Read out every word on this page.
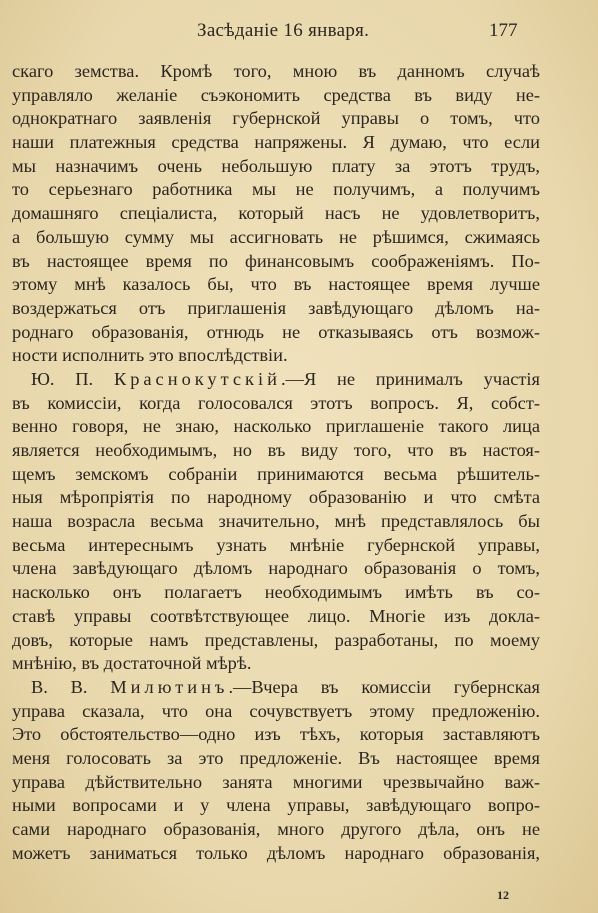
Засѣданіе 16 января.	177
скаго земства. Кромѣ того, мною въ данномъ случаѣ
управляло желаніе съэкономить средства въ виду не-
однократнаго заявленія губернской управы о томъ, что
наши платежныя средства напряжены. Я думаю, что если
мы назначимъ очень небольшую плату за этотъ трудъ,
то серьезнаго работника мы не получимъ, а получимъ
домашняго спеціалиста, который насъ не удовлетворитъ,
а большую сумму мы ассигновать не рѣшимся, сжимаясь
въ настоящее время по финансовымъ соображеніямъ. По-
этому мнѣ казалось бы, что въ настоящее время лучше
воздержаться отъ приглашенія завѣдующаго дѣломъ на-
роднаго образованія, отнюдь не отказываясь отъ возмож-
ности исполнить это впослѣдствіи.
Ю. П. Краснокутскій.—Я не принималъ участія
въ комиссіи, когда голосовался этотъ вопросъ. Я, собст-
венно говоря, не знаю, насколько приглашеніе такого лица
является необходимымъ, но въ виду того, что въ настоя-
щемъ земскомъ собраніи принимаются весьма рѣшитель-
ныя мѣропріятія по народному образованію и что смѣта
наша возрасла весьма значительно, мнѣ представлялось бы
весьма интереснымъ узнать мнѣніе губернской управы,
члена завѣдующаго дѣломъ народнаго образованія о томъ,
насколько онъ полагаетъ необходимымъ имѣть въ со-
ставѣ управы соотвѣтствующее лицо. Многіе изъ докла-
довъ, которые намъ представлены, разработаны, по моему
мнѣнію, въ достаточной мѣрѣ.
В. В. Милютинъ.—Вчера въ комиссіи губернская
управа сказала, что она сочувствуетъ этому предложенію.
Это обстоятельство—одно изъ тѣхъ, которыя заставляютъ
меня голосовать за это предложеніе. Въ настоящее время
управа дѣйствительно занята многими чрезвычайно важ-
ными вопросами и у члена управы, завѣдующаго вопро-
сами народнаго образованія, много другого дѣла, онъ не
можетъ заниматься только дѣломъ народнаго образованія,
12
